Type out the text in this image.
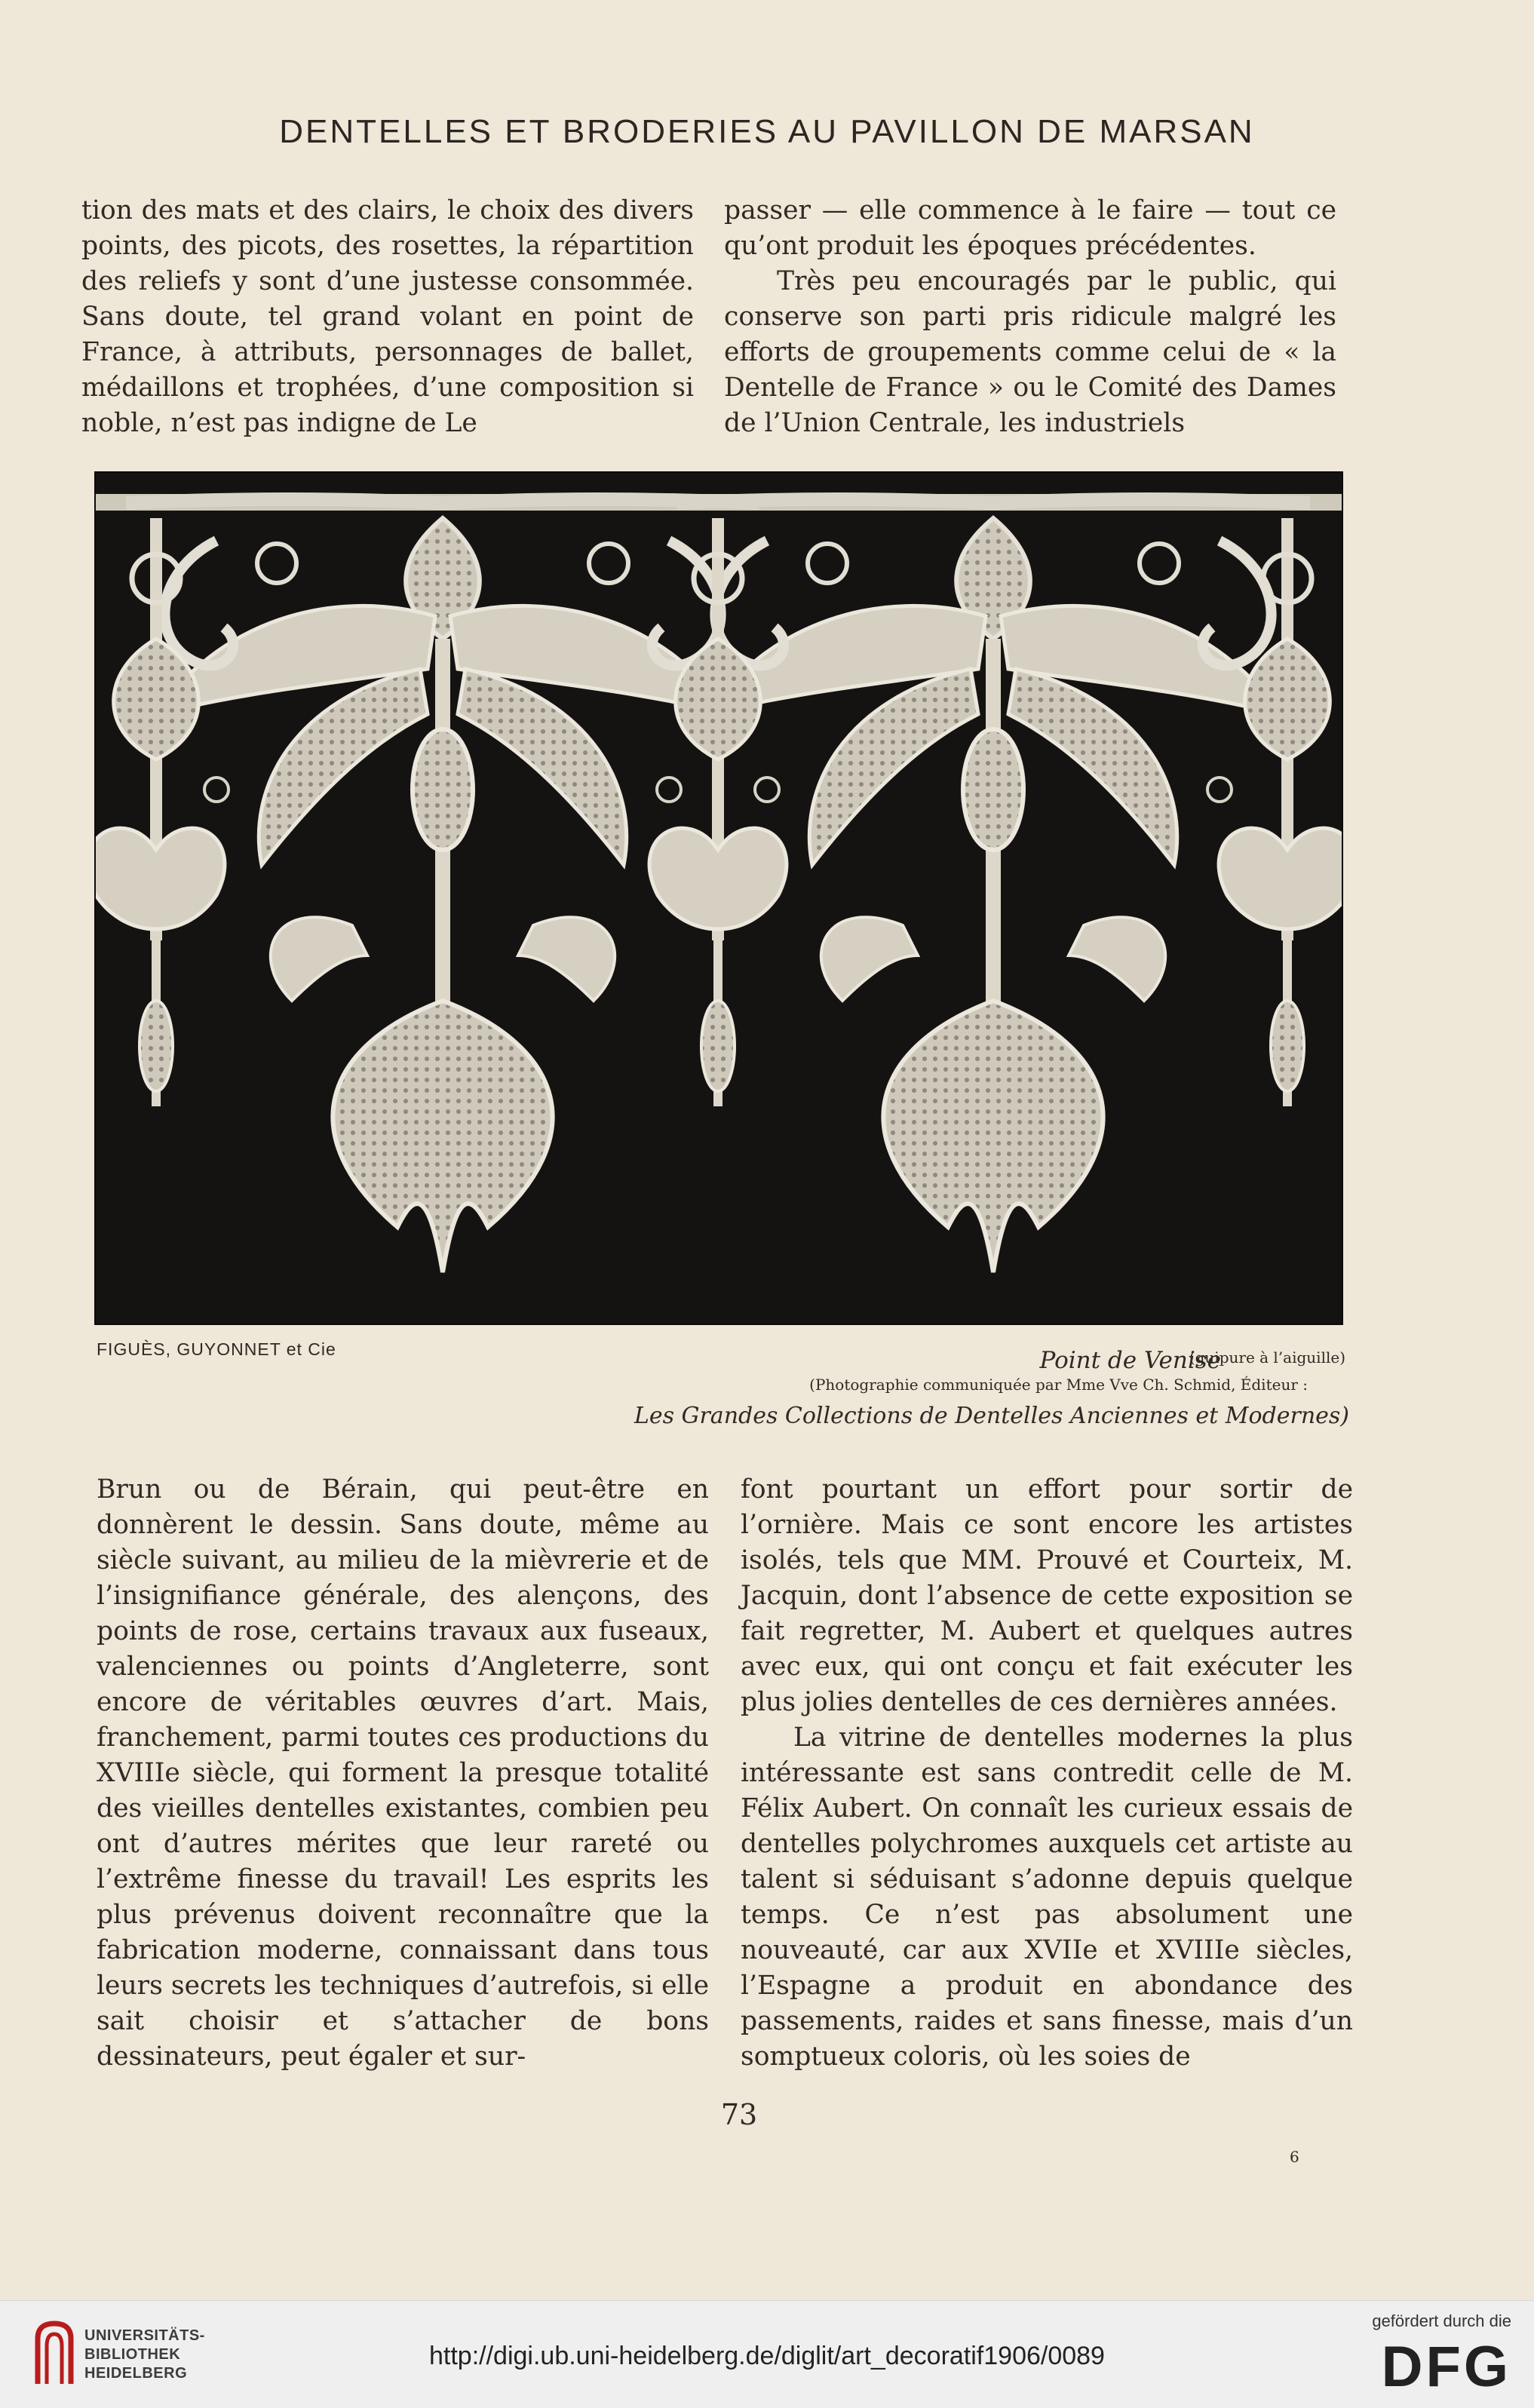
DENTELLES ET BRODERIES AU PAVILLON DE MARSAN

tion des mats et des clairs, le choix des divers points, des picots, des rosettes, la répartition des reliefs y sont d’une justesse consommée. Sans doute, tel grand volant en point de France, à attributs, personnages de ballet, médaillons et trophées, d’une composition si noble, n’est pas indigne de Le

passer — elle commence à le faire — tout ce qu’ont produit les époques précédentes.

Très peu encouragés par le public, qui conserve son parti pris ridicule malgré les efforts de groupements comme celui de « la Dentelle de France » ou le Comité des Dames de l’Union Centrale, les industriels

FIGUÈS, GUYONNET et Cie	Point de Venise
(guipure à l’aiguille)
(Photographie communiquée par Mme Vve Ch. Schmid, Éditeur :
Les Grandes Collections de Dentelles Anciennes et Modernes)

Brun ou de Bérain, qui peut-être en donnèrent le dessin. Sans doute, même au siècle suivant, au milieu de la mièvrerie et de l’insignifiance générale, des alençons, des points de rose, certains travaux aux fuseaux, valenciennes ou points d’Angleterre, sont encore de véritables œuvres d’art. Mais, franchement, parmi toutes ces productions du XVIIIe siècle, qui forment la presque totalité des vieilles dentelles existantes, combien peu ont d’autres mérites que leur rareté ou l’extrême finesse du travail! Les esprits les plus prévenus doivent reconnaître que la fabrication moderne, connaissant dans tous leurs secrets les techniques d’autrefois, si elle sait choisir et s’attacher de bons dessinateurs, peut égaler et sur-

font pourtant un effort pour sortir de l’ornière. Mais ce sont encore les artistes isolés, tels que MM. Prouvé et Courteix, M. Jacquin, dont l’absence de cette exposition se fait regretter, M. Aubert et quelques autres avec eux, qui ont conçu et fait exécuter les plus jolies dentelles de ces dernières années.

La vitrine de dentelles modernes la plus intéressante est sans contredit celle de M. Félix Aubert. On connaît les curieux essais de dentelles polychromes auxquels cet artiste au talent si séduisant s’adonne depuis quelque temps. Ce n’est pas absolument une nouveauté, car aux XVIIe et XVIIIe siècles, l’Espagne a produit en abondance des passements, raides et sans finesse, mais d’un somptueux coloris, où les soies de

73
6
UNIVERSITÄTS-
BIBLIOTHEK
HEIDELBERG
http://digi.ub.uni-heidelberg.de/diglit/art_decoratif1906/0089
gefördert durch die
DFG
